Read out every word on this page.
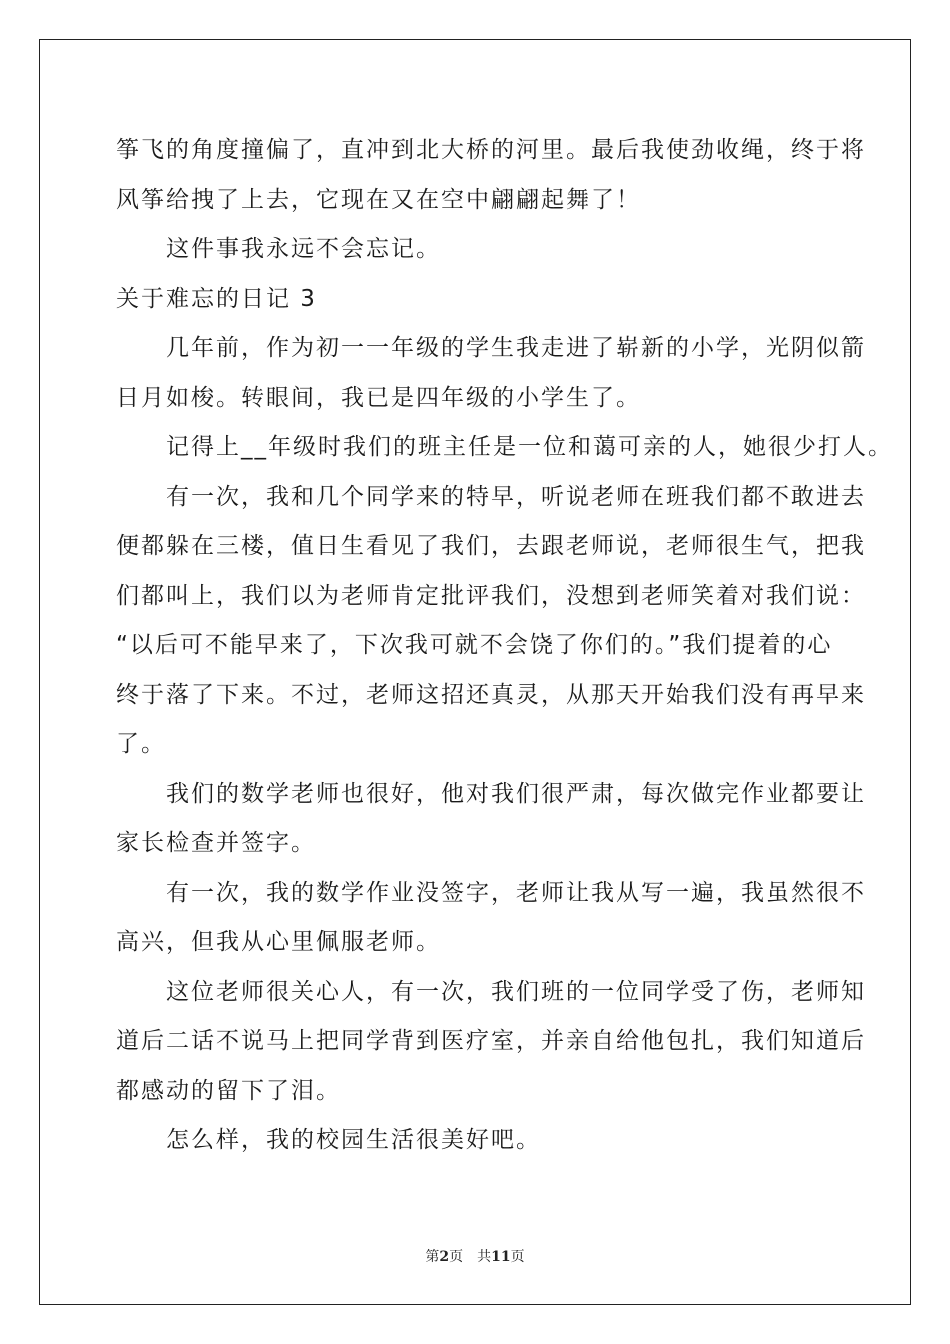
筝飞的角度撞偏了，直冲到北大桥的河里。最后我使劲收绳，终于将
风筝给拽了上去，它现在又在空中翩翩起舞了！
这件事我永远不会忘记。
关于难忘的日记 3
几年前，作为初一一年级的学生我走进了崭新的小学，光阴似箭
日月如梭。转眼间，我已是四年级的小学生了。
记得上__年级时我们的班主任是一位和蔼可亲的人，她很少打人。
有一次，我和几个同学来的特早，听说老师在班我们都不敢进去
便都躲在三楼，值日生看见了我们，去跟老师说，老师很生气，把我
们都叫上，我们以为老师肯定批评我们，没想到老师笑着对我们说：
“以后可不能早来了，下次我可就不会饶了你们的。”我们提着的心
终于落了下来。不过，老师这招还真灵，从那天开始我们没有再早来
了。
我们的数学老师也很好，他对我们很严肃，每次做完作业都要让
家长检查并签字。
有一次，我的数学作业没签字，老师让我从写一遍，我虽然很不
高兴，但我从心里佩服老师。
这位老师很关心人，有一次，我们班的一位同学受了伤，老师知
道后二话不说马上把同学背到医疗室，并亲自给他包扎，我们知道后
都感动的留下了泪。
怎么样，我的校园生活很美好吧。
第2页 共11页
